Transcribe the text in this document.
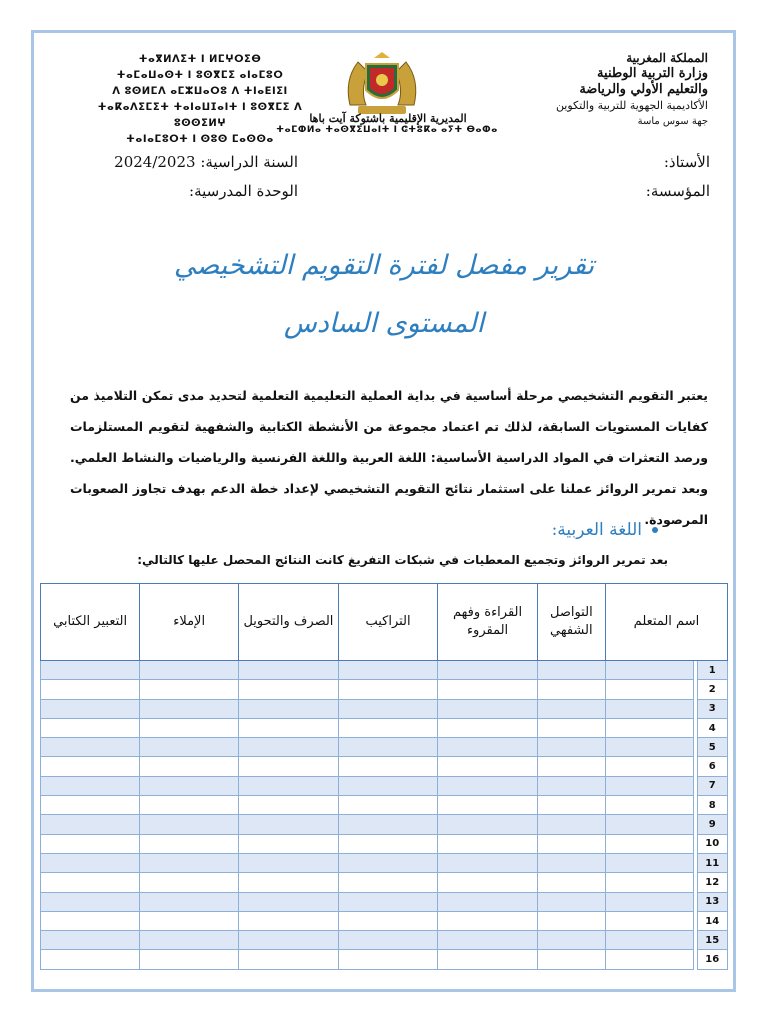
المملكة المغربية
وزارة التربية الوطنية
والتعليم الأولي والرياضة
الأكاديمية الجهوية للتربية والتكوين
جهة سوس ماسة
ⵜⴰⴳⵍⴷⵉⵜ ⵏ ⵍⵎⵖⵔⵉⴱ
ⵜⴰⵎⴰⵡⴰⵙⵜ ⵏ ⵓⵙⴳⵎⵉ ⴰⵏⴰⵎⵓⵔ
ⴷ ⵓⵙⵍⵎⴷ ⴰⵎⵣⵡⴰⵔⵓ ⴷ ⵜⵏⴰⴹⵏⵉⵏ
ⵜⴰⴽⴰⴷⵉⵎⵉⵜ ⵜⴰⵏⴰⵡⵊⴰⵏⵜ ⵏ ⵓⵙⴳⵎⵉ ⴷ ⵓⵙⵙⵉⵍⵖ
ⵜⴰⵏⴰⵎⵓⵔⵜ ⵏ ⵙⵓⵙ ⵎⴰⵙⵙⴰ
المديرية الإقليمية باشتوكة آيت باها
ⵜⴰⵎⵀⵍⴰ ⵜⴰⵙⴳⵉⵡⴰⵏⵜ ⵏ ⵛⵜⵓⴽⴰ ⴰⵢⵜ ⴱⴰⵀⴰ
الأستاذ:
السنة الدراسية: 2024/2023
المؤسسة:
الوحدة المدرسية:
تقرير مفصل لفترة التقويم التشخيصي
المستوى السادس
يعتبر التقويم التشخيصي مرحلة أساسية في بداية العملية التعليمية التعلمية لتحديد مدى تمكن التلاميذ من كفايات المستويات السابقة، لذلك تم اعتماد مجموعة من الأنشطة الكتابية والشفهية لتقويم المستلزمات ورصد التعثرات في المواد الدراسية الأساسية: اللغة العربية واللغة الفرنسية والرياضيات والنشاط العلمي. وبعد تمرير الروائز عملنا على استثمار نتائج التقويم التشخيصي لإعداد خطة الدعم بهدف تجاوز الصعوبات المرصودة.
اللغة العربية:
بعد تمرير الروائز وتجميع المعطيات في شبكات التفريغ كانت النتائج المحصل عليها كالتالي:
التعبير الكتابي	الإملاء	الصرف والتحويل	التراكيب	القراءة وفهم المقروء	التواصل الشفهي	اسم المتعلم		
								1
								2
								3
								4
								5
								6
								7
								8
								9
								10
								11
								12
								13
								14
								15
								16
